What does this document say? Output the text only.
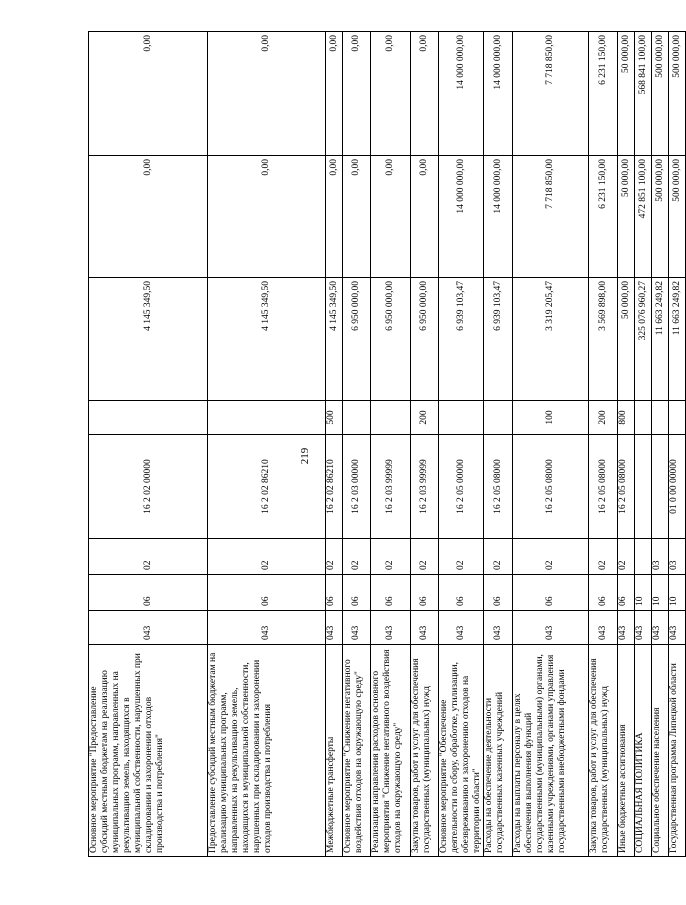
219
Основное мероприятие "Предоставление субсидий местным бюджетам на реализацию муниципальных программ, направленных на рекультивацию земель, находящихся в муниципальной собственности, нарушенных при складировании и захоронении отходов производства и потребления"	043	06	02	16 2 02 00000		4 145 349,50	0,00	0,00
Предоставление субсидий местным бюджетам на реализацию муниципальных программ, направленных на рекультивацию земель, находящихся в муниципальной собственности, нарушенных при складировании и захоронении отходов производства и потребления	043	06	02	16 2 02 86210		4 145 349,50	0,00	0,00
Межбюджетные трансферты	043	06	02	16 2 02 86210	500	4 145 349,50	0,00	0,00
Основное мероприятие "Снижение негативного воздействия отходов на окружающую среду"	043	06	02	16 2 03 00000		6 950 000,00	0,00	0,00
Реализация направления расходов основного мероприятия "Снижение негативного воздействия отходов на окружающую среду"	043	06	02	16 2 03 99999		6 950 000,00	0,00	0,00
Закупка товаров, работ и услуг для обеспечения государственных (муниципальных) нужд	043	06	02	16 2 03 99999	200	6 950 000,00	0,00	0,00
Основное мероприятие "Обеспечение деятельности по сбору, обработке, утилизации, обезвреживанию и захоронению отходов на территории области"	043	06	02	16 2 05 00000		6 939 103,47	14 000 000,00	14 000 000,00
Расходы на обеспечение деятельности государственных казенных учреждений	043	06	02	16 2 05 08000		6 939 103,47	14 000 000,00	14 000 000,00
Расходы на выплаты персоналу в целях обеспечения выполнения функций государственными (муниципальными) органами, казенными учреждениями, органами управления государственными внебюджетными фондами	043	06	02	16 2 05 08000	100	3 319 205,47	7 718 850,00	7 718 850,00
Закупка товаров, работ и услуг для обеспечения государственных (муниципальных) нужд	043	06	02	16 2 05 08000	200	3 569 898,00	6 231 150,00	6 231 150,00
Иные бюджетные ассигнования	043	06	02	16 2 05 08000	800	50 000,00	50 000,00	50 000,00
СОЦИАЛЬНАЯ ПОЛИТИКА	043	10				325 076 960,27	472 851 100,00	568 841 100,00
Социальное обеспечение населения	043	10	03			11 663 249,82	500 000,00	500 000,00
Государственная программа Липецкой области	043	10	03	01 0 00 00000		11 663 249,82	500 000,00	500 000,00
